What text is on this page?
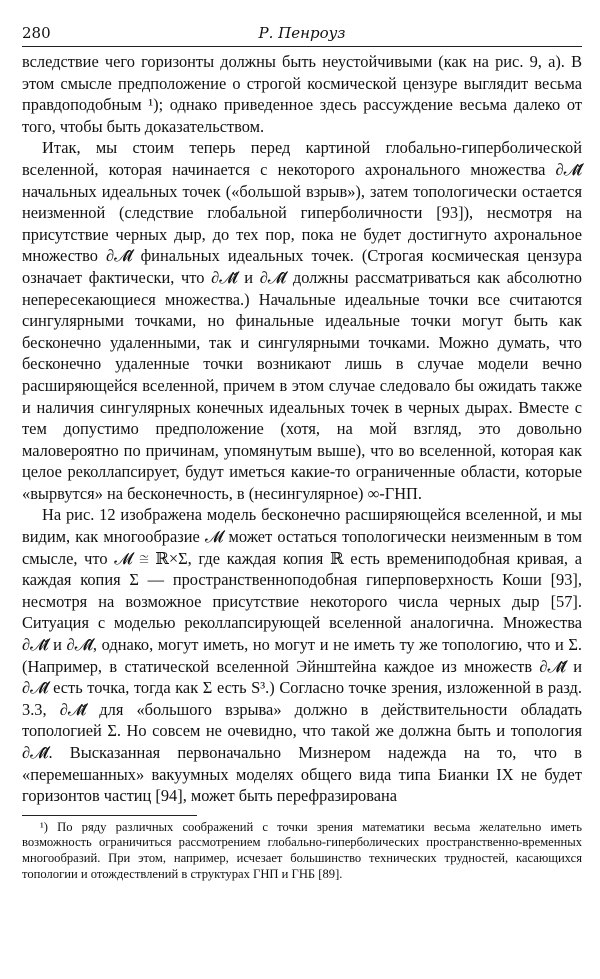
280	Р. Пенроуз

вследствие чего горизонты должны быть неустойчивыми (как на рис. 9, а). В этом смысле предположение о строгой космической цензуре выглядит весьма правдоподобным ¹); однако приведенное здесь рассуждение весьма далеко от того, чтобы быть доказательством.

Итак, мы стоим теперь перед картиной глобально-гиперболической вселенной, которая начинается с некоторого ахронального множества ∂𝓜̌ начальных идеальных точек («большой взрыв»), затем топологически остается неизменной (следствие глобальной гиперболичности [93]), несмотря на присутствие черных дыр, до тех пор, пока не будет достигнуто ахрональное множество ∂𝓜̂ финальных идеальных точек. (Строгая космическая цензура означает фактически, что ∂𝓜̌ и ∂𝓜̂ должны рассматриваться как абсолютно непересекающиеся множества.) Начальные идеальные точки все считаются сингулярными точками, но финальные идеальные точки могут быть как бесконечно удаленными, так и сингулярными точками. Можно думать, что бесконечно удаленные точки возникают лишь в случае модели вечно расширяющейся вселенной, причем в этом случае следовало бы ожидать также и наличия сингулярных конечных идеальных точек в черных дырах. Вместе с тем допустимо предположение (хотя, на мой взгляд, это довольно маловероятно по причинам, упомянутым выше), что во вселенной, которая как целое реколлапсирует, будут иметься какие-то ограниченные области, которые «вырвутся» на бесконечность, в (несингулярное) ∞-ГНП.

На рис. 12 изображена модель бесконечно расширяющейся вселенной, и мы видим, как многообразие 𝓜 может остаться топологически неизменным в том смысле, что 𝓜 ≅ ℝ×Σ, где каждая копия ℝ есть времениподобная кривая, а каждая копия Σ — пространственноподобная гиперповерхность Коши [93], несмотря на возможное присутствие некоторого числа черных дыр [57]. Ситуация с моделью реколлапсирующей вселенной аналогична. Множества ∂𝓜̌ и ∂𝓜̂, однако, могут иметь, но могут и не иметь ту же топологию, что и Σ. (Например, в статической вселенной Эйнштейна каждое из множеств ∂𝓜̌ и ∂𝓜̂ есть точка, тогда как Σ есть S³.) Согласно точке зрения, изложенной в разд. 3.3, ∂𝓜̌ для «большого взрыва» должно в действительности обладать топологией Σ. Но совсем не очевидно, что такой же должна быть и топология ∂𝓜̂. Высказанная первоначально Мизнером надежда на то, что в «перемешанных» вакуумных моделях общего вида типа Бианки IX не будет горизонтов частиц [94], может быть перефразирована

¹) По ряду различных соображений с точки зрения математики весьма желательно иметь возможность ограничиться рассмотрением глобально-гиперболических пространственно-временных многообразий. При этом, например, исчезает большинство технических трудностей, касающихся топологии и отождествлений в структурах ГНП и ГНБ [89].
